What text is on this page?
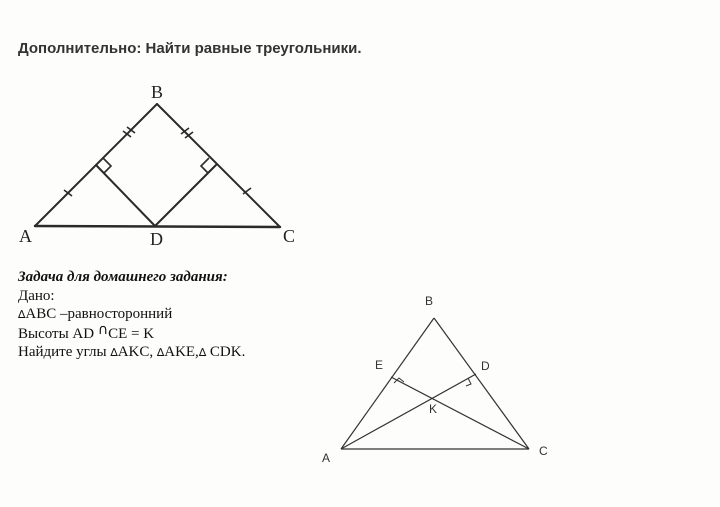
Дополнительно: Найти равные треугольники.
B
A	C
D
B
A	C
E	D
K
Задача для домашнего задания:
Дано:
∆АВС –равносторонний
Высоты AD ∩CE = K
Найдите углы ∆AKC, ∆AKE,∆ CDK.
